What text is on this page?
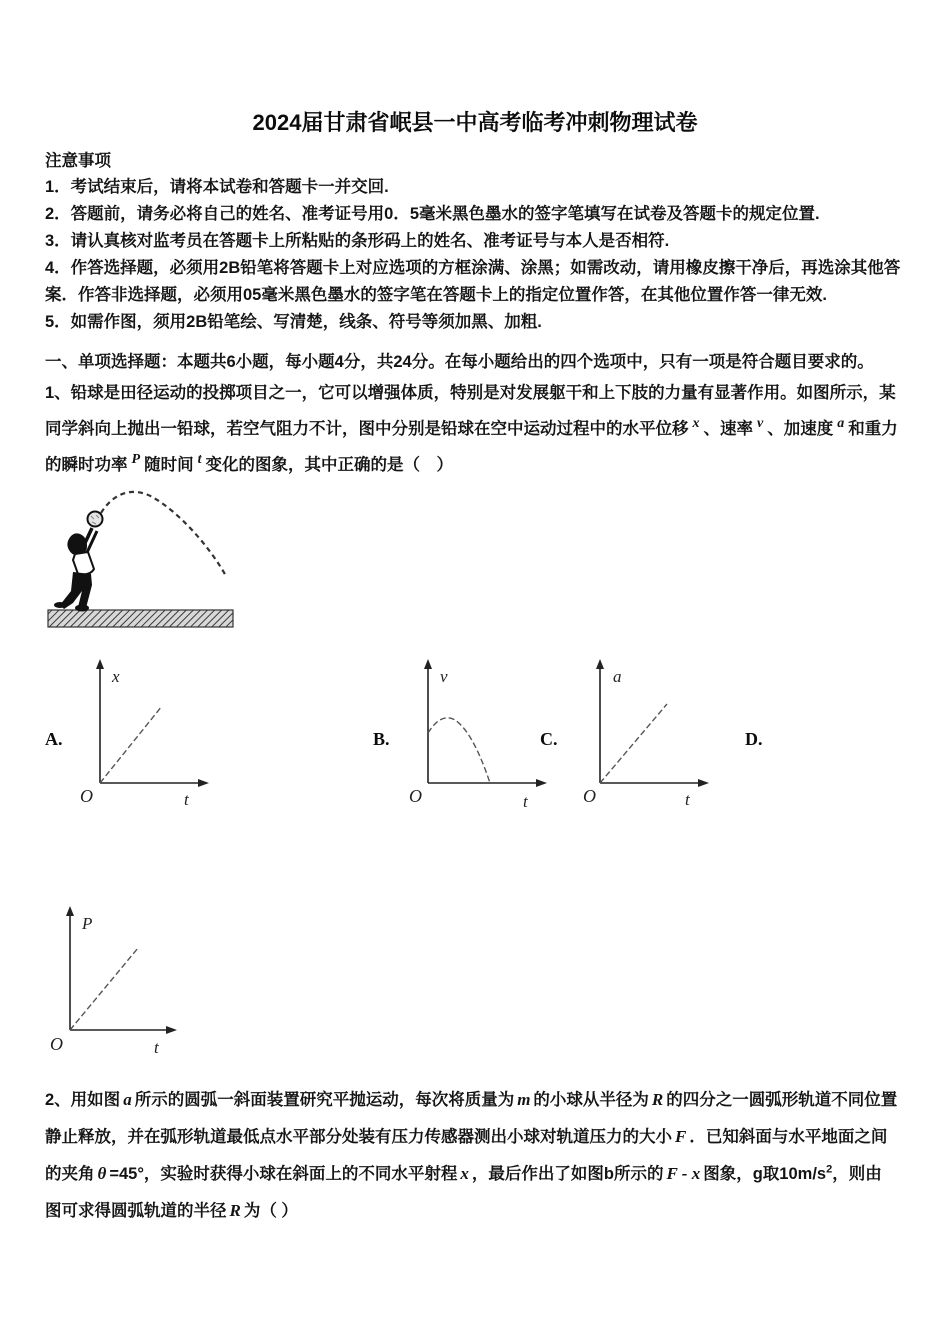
2024届甘肃省岷县一中高考临考冲刺物理试卷
注意事项
1．考试结束后，请将本试卷和答题卡一并交回.
2．答题前，请务必将自己的姓名、准考证号用0．5毫米黑色墨水的签字笔填写在试卷及答题卡的规定位置.
3．请认真核对监考员在答题卡上所粘贴的条形码上的姓名、准考证号与本人是否相符.
4．作答选择题，必须用2B铅笔将答题卡上对应选项的方框涂满、涂黑；如需改动，请用橡皮擦干净后，再选涂其他答案．作答非选择题，必须用05毫米黑色墨水的签字笔在答题卡上的指定位置作答，在其他位置作答一律无效.
5．如需作图，须用2B铅笔绘、写清楚，线条、符号等须加黑、加粗.
一、单项选择题：本题共6小题，每小题4分，共24分。在每小题给出的四个选项中，只有一项是符合题目要求的。
1、铅球是田径运动的投掷项目之一，它可以增强体质，特别是对发展躯干和上下肢的力量有显著作用。如图所示，某
同学斜向上抛出一铅球，若空气阻力不计，图中分别是铅球在空中运动过程中的水平位移 $^x$ 、速率 $^v$ 、加速度 $^a$ 和重力
的瞬时功率 $^P$ 随时间 $^t$ 变化的图象，其中正确的是（　）
A.	B.	C.	D.
x
t
O
v
t
O
a
t
O
P
t
O
2、用如图 a 所示的圆弧一斜面装置研究平抛运动，每次将质量为 m 的小球从半径为 R 的四分之一圆弧形轨道不同位置
静止释放，并在弧形轨道最低点水平部分处装有压力传感器测出小球对轨道压力的大小 F ．已知斜面与水平地面之间
的夹角 θ =45°，实验时获得小球在斜面上的不同水平射程 x ，最后作出了如图b所示的 F - x 图象，g取$10m/s^2$，则由
图可求得圆弧轨道的半径 R 为（ ）
